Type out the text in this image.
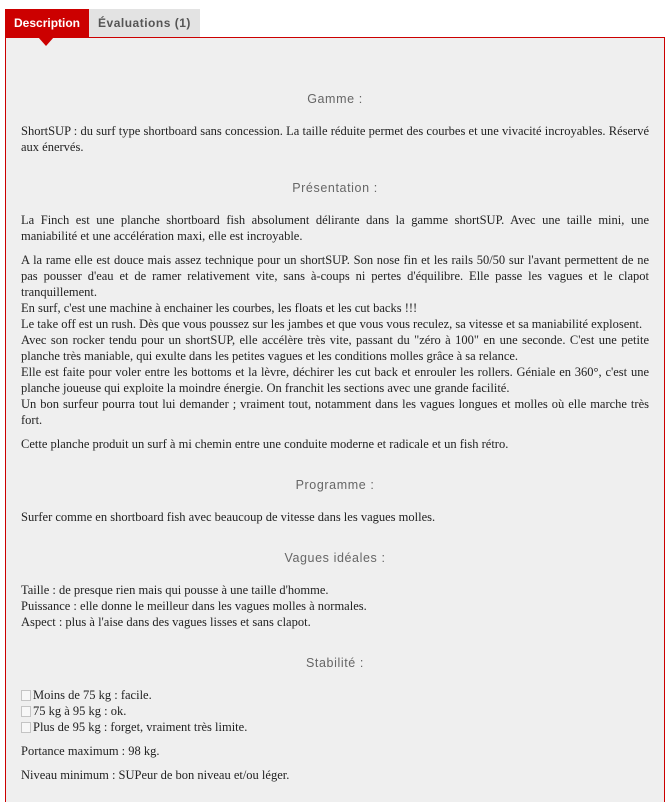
Description	Évaluations (1)
Gamme :

ShortSUP : du surf type shortboard sans concession. La taille réduite permet des courbes et une vivacité incroyables. Réservé aux énervés.

Présentation :

La Finch est une planche shortboard fish absolument délirante dans la gamme shortSUP. Avec une taille mini, une maniabilité et une accélération maxi, elle est incroyable.

A la rame elle est douce mais assez technique pour un shortSUP. Son nose fin et les rails 50/50 sur l'avant permettent de ne pas pousser d'eau et de ramer relativement vite, sans à-coups ni pertes d'équilibre. Elle passe les vagues et le clapot tranquillement.
En surf, c'est une machine à enchainer les courbes, les floats et les cut backs !!!
Le take off est un rush. Dès que vous poussez sur les jambes et que vous vous reculez, sa vitesse et sa maniabilité explosent.
Avec son rocker tendu pour un shortSUP, elle accélère très vite, passant du "zéro à 100" en une seconde. C'est une petite planche très maniable, qui exulte dans les petites vagues et les conditions molles grâce à sa relance.
Elle est faite pour voler entre les bottoms et la lèvre, déchirer les cut back et enrouler les rollers. Géniale en 360°, c'est une planche joueuse qui exploite la moindre énergie. On franchit les sections avec une grande facilité.
Un bon surfeur pourra tout lui demander ; vraiment tout, notamment dans les vagues longues et molles où elle marche très fort.

Cette planche produit un surf à mi chemin entre une conduite moderne et radicale et un fish rétro.

Programme :

Surfer comme en shortboard fish avec beaucoup de vitesse dans les vagues molles.

Vagues idéales :

Taille : de presque rien mais qui pousse à une taille d'homme.
Puissance : elle donne le meilleur dans les vagues molles à normales.
Aspect : plus à l'aise dans des vagues lisses et sans clapot.

Stabilité :
Moins de 75 kg : facile.
75 kg à 95 kg : ok.
Plus de 95 kg : forget, vraiment très limite.

Portance maximum : 98 kg.

Niveau minimum : SUPeur de bon niveau et/ou léger.
